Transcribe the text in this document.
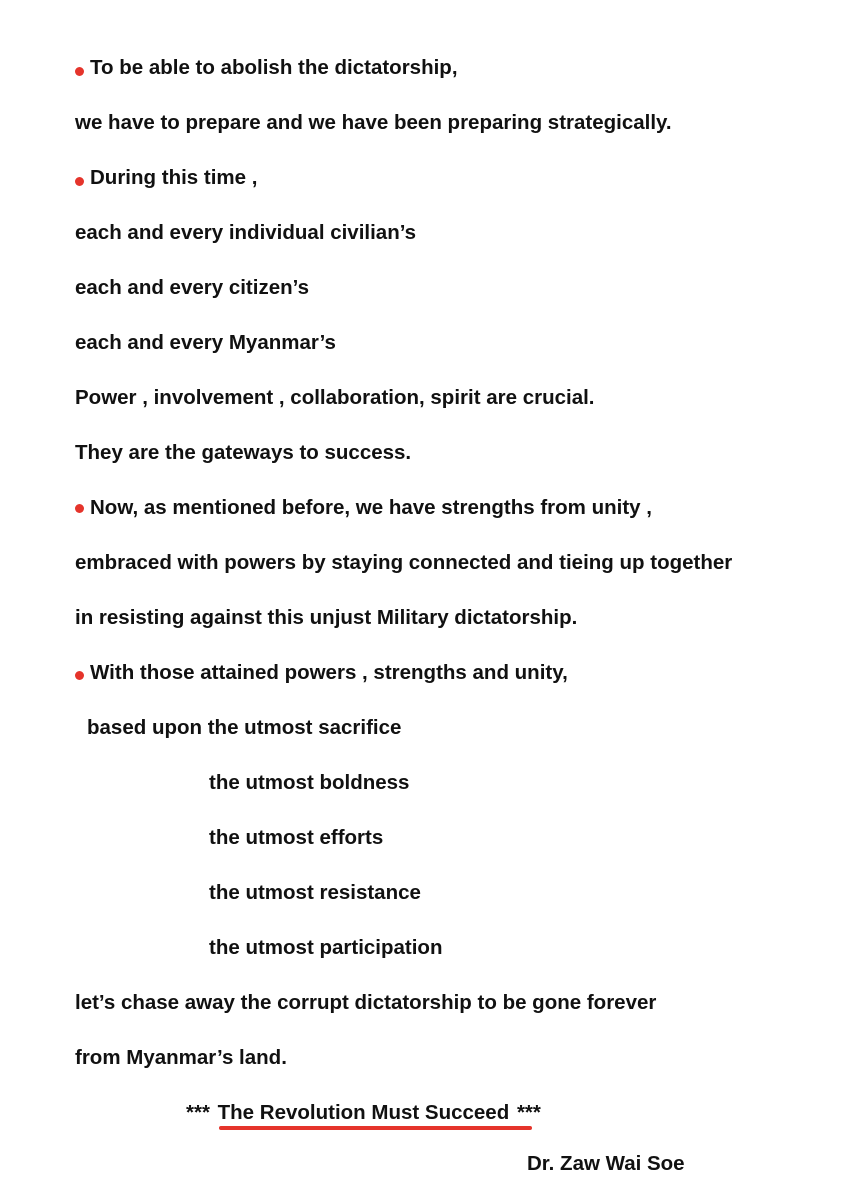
To be able to abolish the dictatorship,
we have to prepare and we have been preparing strategically.
During this time ,
each and every individual civilian’s
each and every citizen’s
each and every Myanmar’s
Power , involvement , collaboration, spirit are crucial.
They are the gateways to success.
Now, as mentioned before, we have strengths from unity ,
embraced with powers by staying connected and tieing up together
in resisting against this unjust Military dictatorship.
With those attained powers , strengths and unity,
based upon the utmost sacrifice
the utmost boldness
the utmost efforts
the utmost resistance
the utmost participation
let’s chase away the corrupt dictatorship to be gone forever
from Myanmar’s land.
*** The Revolution Must Succeed ***
Dr. Zaw Wai Soe
